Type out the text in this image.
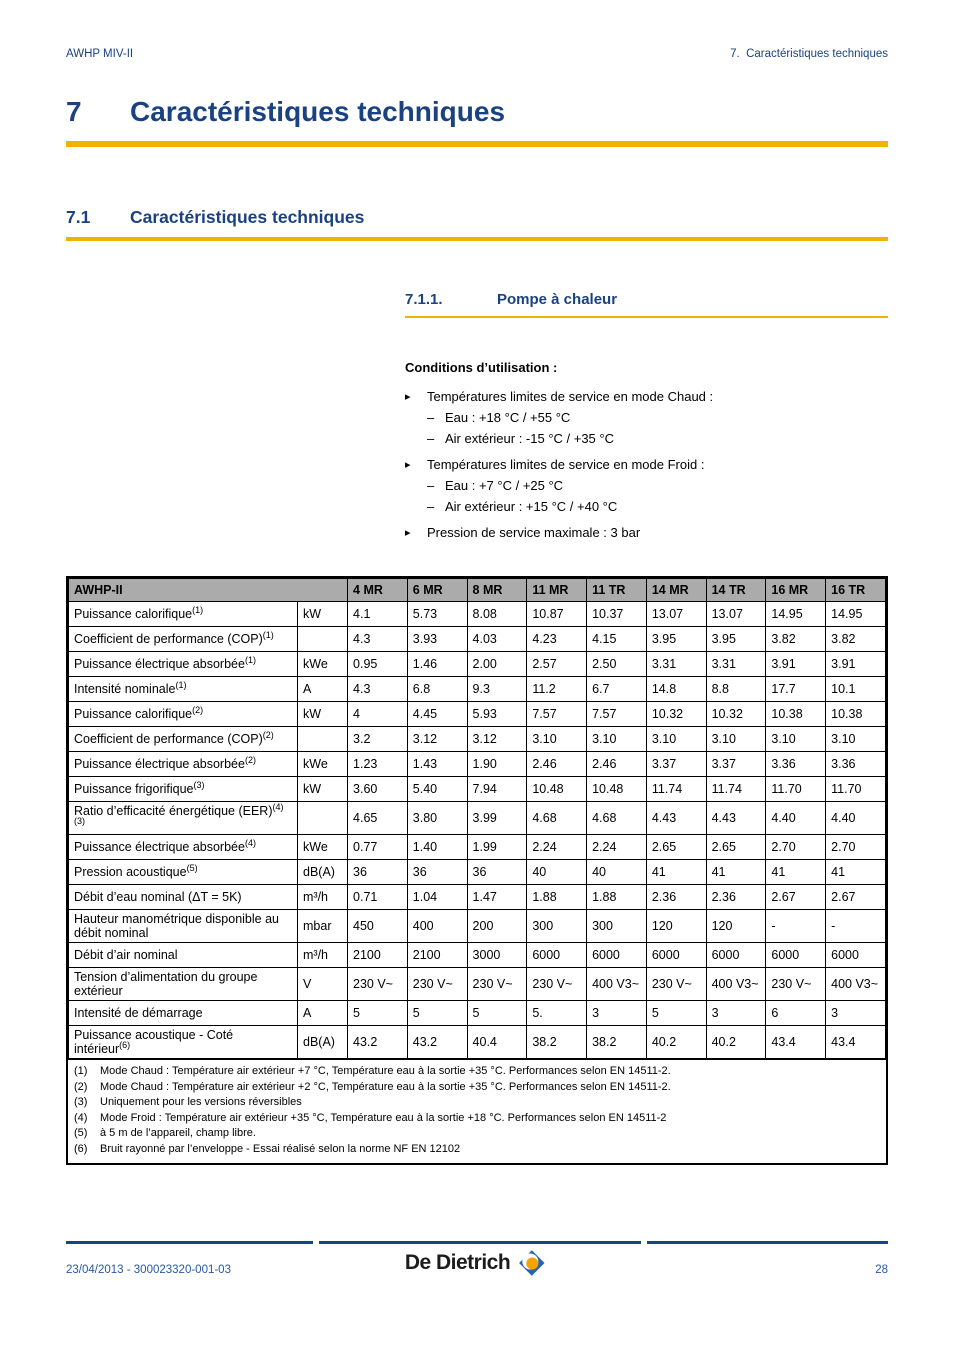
AWHP MIV-II	7.  Caractéristiques techniques
7 Caractéristiques techniques
7.1 Caractéristiques techniques
7.1.1.	Pompe à chaleur
Conditions d’utilisation :
▸	Températures limites de service en mode Chaud :
– Eau : +18 °C / +55 °C
– Air extérieur : -15 °C / +35 °C
▸	Températures limites de service en mode Froid :
– Eau : +7 °C / +25 °C
– Air extérieur : +15 °C / +40 °C
▸	Pression de service maximale : 3 bar
AWHP-II		4 MR	6 MR	8 MR	11 MR	11 TR	14 MR	14 TR	16 MR	16 TR
Puissance calorifique$^{(1)}$	kW	4.1	5.73	8.08	10.87	10.37	13.07	13.07	14.95	14.95
Coefficient de performance (COP)$^{(1)}$		4.3	3.93	4.03	4.23	4.15	3.95	3.95	3.82	3.82
Puissance électrique absorbée$^{(1)}$	kWe	0.95	1.46	2.00	2.57	2.50	3.31	3.31	3.91	3.91
Intensité nominale$^{(1)}$	A	4.3	6.8	9.3	11.2	6.7	14.8	8.8	17.7	10.1
Puissance calorifique$^{(2)}$	kW	4	4.45	5.93	7.57	7.57	10.32	10.32	10.38	10.38
Coefficient de performance (COP)$^{(2)}$		3.2	3.12	3.12	3.10	3.10	3.10	3.10	3.10	3.10
Puissance électrique absorbée$^{(2)}$	kWe	1.23	1.43	1.90	2.46	2.46	3.37	3.37	3.36	3.36
Puissance frigorifique$^{(3)}$	kW	3.60	5.40	7.94	10.48	10.48	11.74	11.74	11.70	11.70
Ratio d’efficacité énergétique (EER)$^{(4)(3)}$		4.65	3.80	3.99	4.68	4.68	4.43	4.43	4.40	4.40
Puissance électrique absorbée$^{(4)}$	kWe	0.77	1.40	1.99	2.24	2.24	2.65	2.65	2.70	2.70
Pression acoustique$^{(5)}$	dB(A)	36	36	36	40	40	41	41	41	41
Débit d’eau nominal (ΔT = 5K)	m³/h	0.71	1.04	1.47	1.88	1.88	2.36	2.36	2.67	2.67
Hauteur manométrique disponible au débit nominal	mbar	450	400	200	300	300	120	120	-	-
Débit d’air nominal	m³/h	2100	2100	3000	6000	6000	6000	6000	6000	6000
Tension d’alimentation du groupe extérieur	V	230 V~	230 V~	230 V~	230 V~	400 V3~	230 V~	400 V3~	230 V~	400 V3~
Intensité de démarrage	A	5	5	5	5.	3	5	3	6	3
Puissance acoustique - Coté intérieur$^{(6)}$	dB(A)	43.2	43.2	40.4	38.2	38.2	40.2	40.2	43.4	43.4
(1)	Mode Chaud : Température air extérieur +7 °C, Température eau à la sortie +35 °C. Performances selon EN 14511-2.
(2)	Mode Chaud : Température air extérieur +2 °C, Température eau à la sortie +35 °C. Performances selon EN 14511-2.
(3)	Uniquement pour les versions réversibles
(4)	Mode Froid : Température air extérieur +35 °C, Température eau à la sortie +18 °C. Performances selon EN 14511-2
(5)	à 5 m de l’appareil, champ libre.
(6)	Bruit rayonné par l’enveloppe - Essai réalisé selon la norme NF EN 12102
23/04/2013 - 300023320-001-03	De Dietrich	28
